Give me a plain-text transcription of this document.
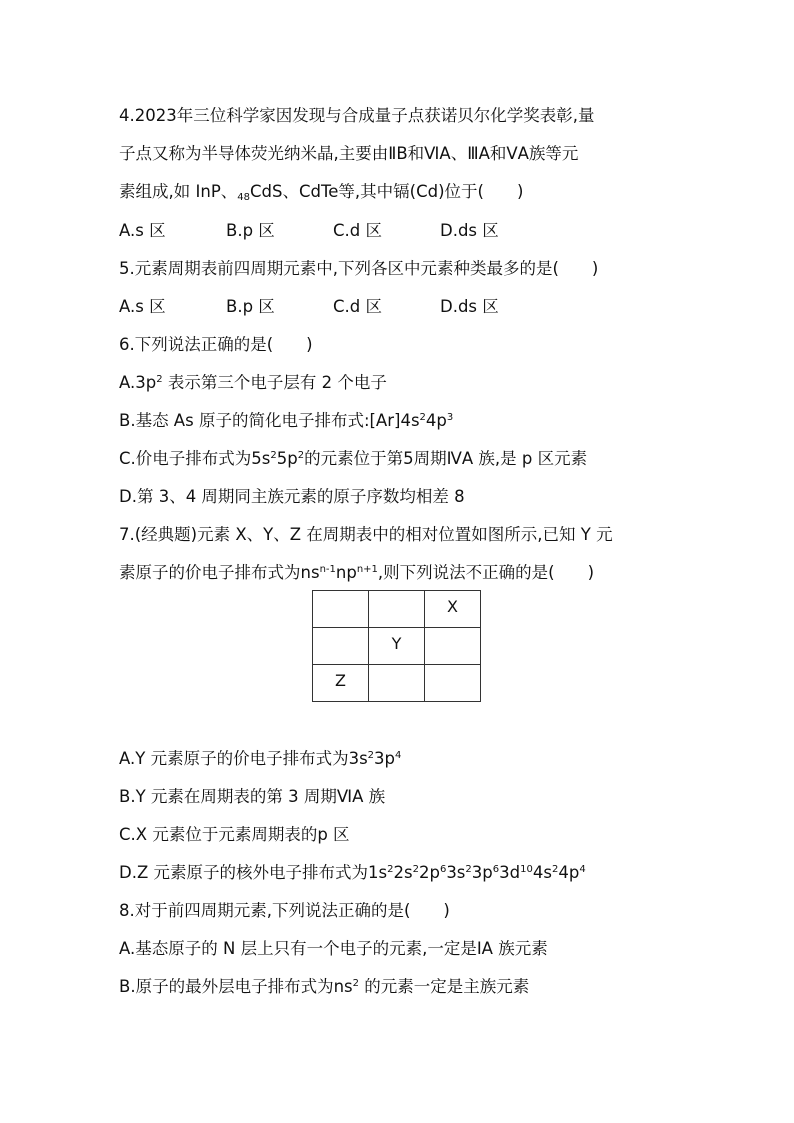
4.2023年三位科学家因发现与合成量子点获诺贝尔化学奖表彰,量
子点又称为半导体荧光纳米晶,主要由ⅡB和ⅥA、ⅢA和ⅤA族等元
素组成,如 InP、$_{48}$CdS、CdTe等,其中镉(Cd)位于(　　)
A.s 区	B.p 区	C.d 区	D.ds 区
5.元素周期表前四周期元素中,下列各区中元素种类最多的是(　　)
A.s 区	B.p 区	C.d 区	D.ds 区
6.下列说法正确的是(　　)
$A.3p^2$ 表示第三个电子层有 2 个电子
B.基态 As 原子的简化电子排布式$:[Ar]4s^24p^3$
C.价电子排布式为$5s^25p^2$的元素位于第5周期ⅣA 族,是 p 区元素
D.第 3、4 周期同主族元素的原子序数均相差 8
7.(经典题)元素 X、Y、Z 在周期表中的相对位置如图所示,已知 Y 元
素原子的价电子排布式为$ns^{n-1}np^{n+1}$,则下列说法不正确的是(　　)

		X

	Y	

Z		

A.Y 元素原子的价电子排布式为$3s^23p^4$
B.Y 元素在周期表的第 3 周期ⅥA 族
C.X 元素位于元素周期表的p 区
D.Z 元素原子的核外电子排布式为$1s^22s^22p^63s^23p^63d^{10}4s^24p^4$
8.对于前四周期元素,下列说法正确的是(　　)
A.基态原子的 N 层上只有一个电子的元素,一定是ⅠA 族元素
B.原子的最外层电子排布式为$ns^2$ 的元素一定是主族元素
